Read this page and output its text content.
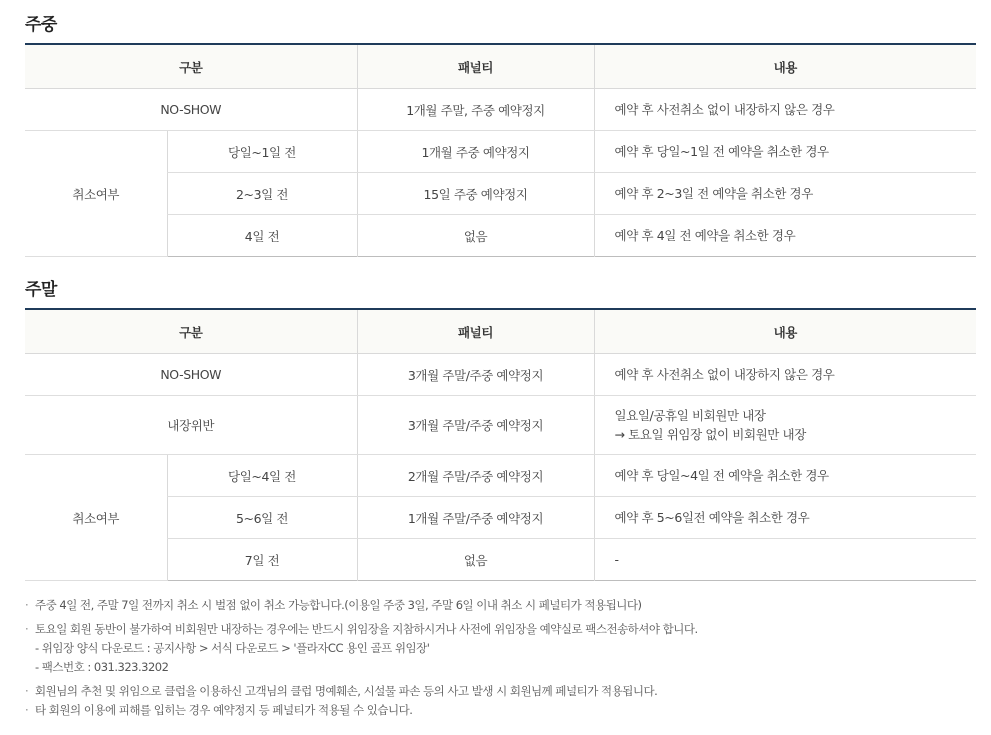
주중
구분		패널티	내용
NO-SHOW		1개월 주말, 주중 예약정지	예약 후 사전취소 없이 내장하지 않은 경우
취소여부	당일~1일 전	1개월 주중 예약정지	예약 후 당일~1일 전 예약을 취소한 경우
	2~3일 전	15일 주중 예약정지	예약 후 2~3일 전 예약을 취소한 경우
	4일 전	없음	예약 후 4일 전 예약을 취소한 경우
주말
구분		패널티	내용
NO-SHOW		3개월 주말/주중 예약정지	예약 후 사전취소 없이 내장하지 않은 경우
내장위반		3개월 주말/주중 예약정지	일요일/공휴일 비회원만 내장
→ 토요일 위임장 없이 비회원만 내장

취소여부	당일~4일 전	2개월 주말/주중 예약정지	예약 후 당일~4일 전 예약을 취소한 경우
	5~6일 전	1개월 주말/주중 예약정지	예약 후 5~6일전 예약을 취소한 경우
	7일 전	없음	-
· 주중 4일 전, 주말 7일 전까지 취소 시 벌점 없이 취소 가능합니다.(이용일 주중 3일, 주말 6일 이내 취소 시 페널티가 적용됩니다)
· 토요일 회원 동반이 불가하여 비회원만 내장하는 경우에는 반드시 위임장을 지참하시거나 사전에 위임장을 예약실로 팩스전송하셔야 합니다.
- 위임장 양식 다운로드 : 공지사항 > 서식 다운로드 > '플라자CC 용인 골프 위임장'
- 팩스번호 : 031.323.3202
· 회원님의 추천 및 위임으로 클럽을 이용하신 고객님의 클럽 명예훼손, 시설물 파손 등의 사고 발생 시 회원님께 페널티가 적용됩니다.
· 타 회원의 이용에 피해를 입히는 경우 예약정지 등 페널티가 적용될 수 있습니다.
